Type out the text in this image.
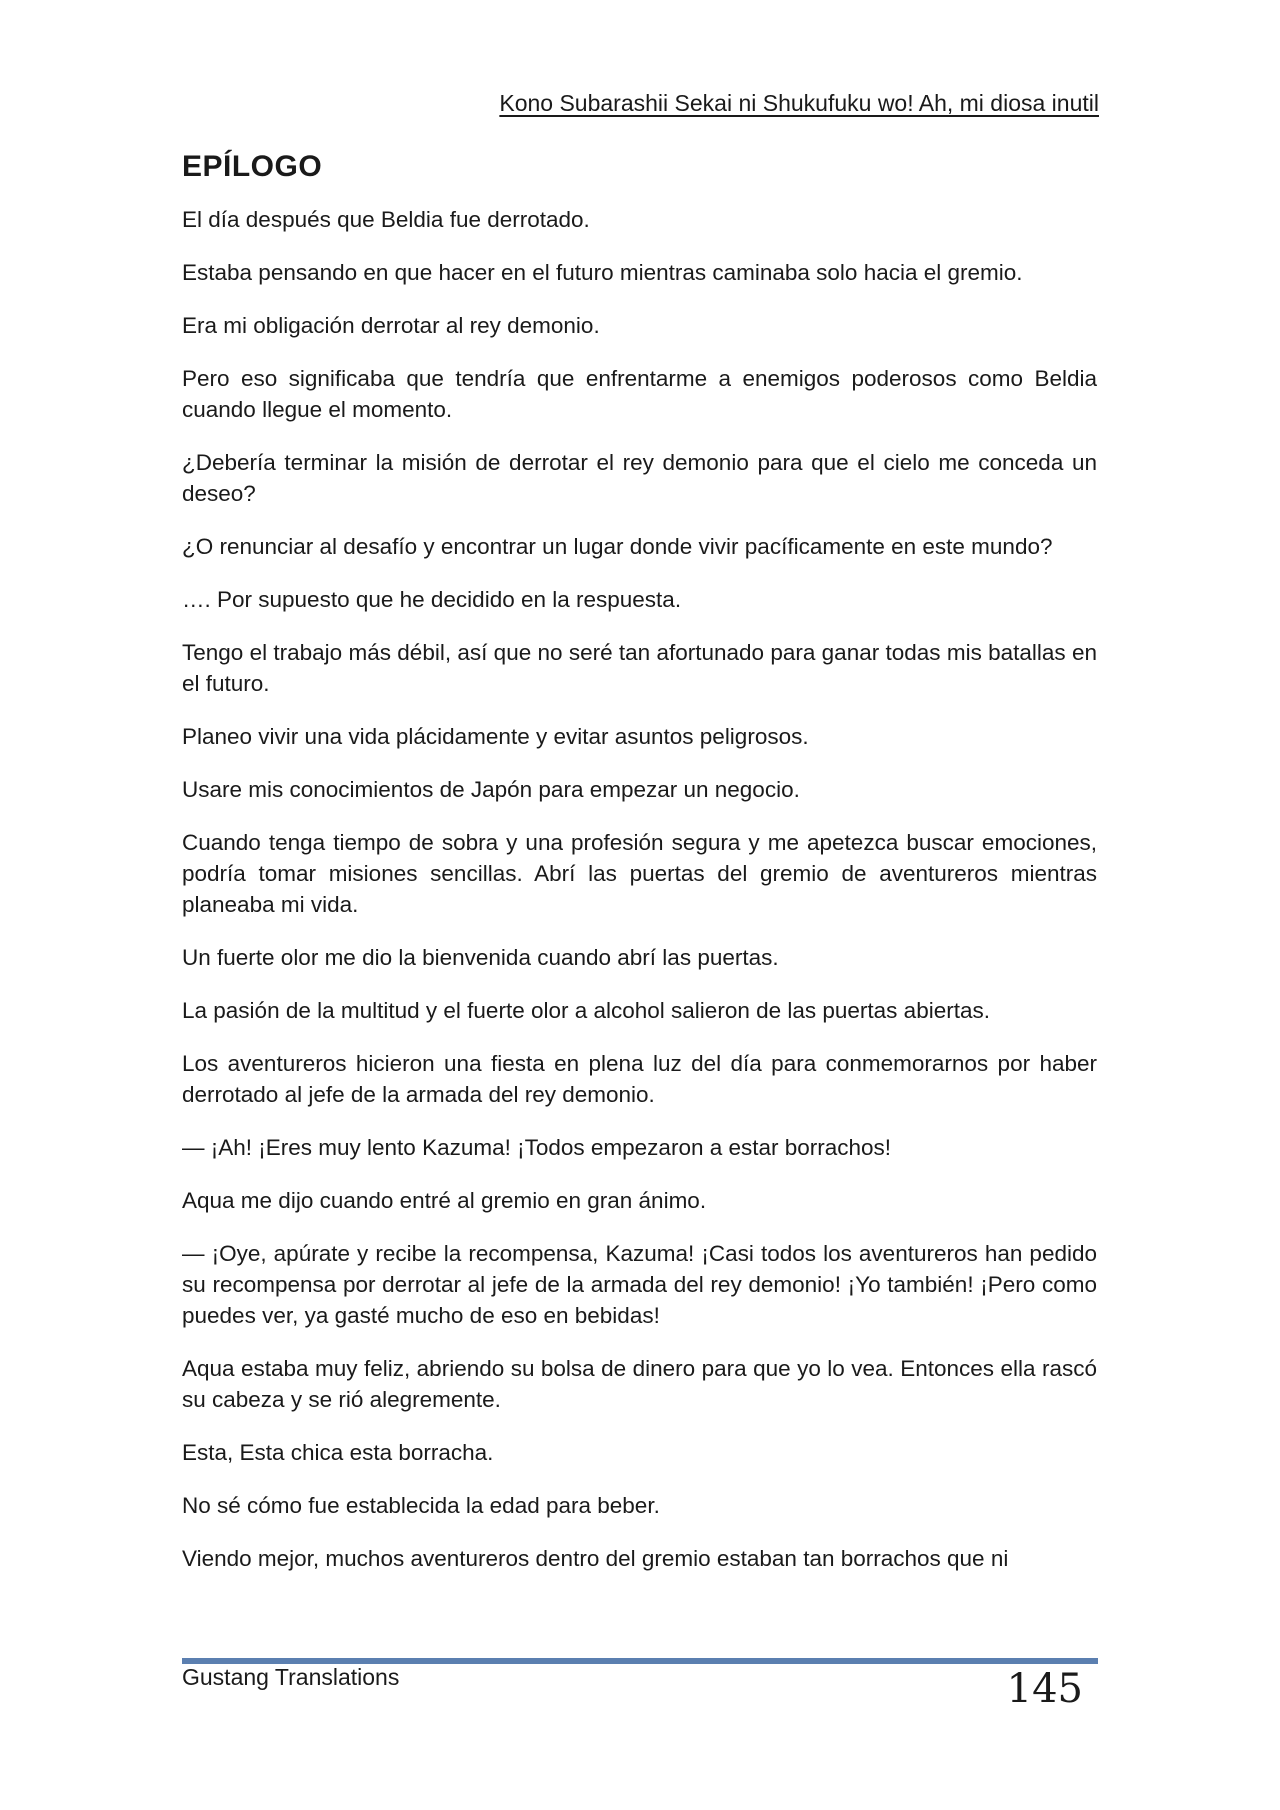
Kono Subarashii Sekai ni Shukufuku wo! Ah, mi diosa inutil
EPÍLOGO

El día después que Beldia fue derrotado.

Estaba pensando en que hacer en el futuro mientras caminaba solo hacia el gremio.

Era mi obligación derrotar al rey demonio.

Pero eso significaba que tendría que enfrentarme a enemigos poderosos como Beldia cuando llegue el momento.

¿Debería terminar la misión de derrotar el rey demonio para que el cielo me conceda un deseo?

¿O renunciar al desafío y encontrar un lugar donde vivir pacíficamente en este mundo?

…. Por supuesto que he decidido en la respuesta.

Tengo el trabajo más débil, así que no seré tan afortunado para ganar todas mis batallas en el futuro.

Planeo vivir una vida plácidamente y evitar asuntos peligrosos.

Usare mis conocimientos de Japón para empezar un negocio.

Cuando tenga tiempo de sobra y una profesión segura y me apetezca buscar emociones, podría tomar misiones sencillas. Abrí las puertas del gremio de aventureros mientras planeaba mi vida.

Un fuerte olor me dio la bienvenida cuando abrí las puertas.

La pasión de la multitud y el fuerte olor a alcohol salieron de las puertas abiertas.

Los aventureros hicieron una fiesta en plena luz del día para conmemorarnos por haber derrotado al jefe de la armada del rey demonio.

— ¡Ah! ¡Eres muy lento Kazuma! ¡Todos empezaron a estar borrachos!

Aqua me dijo cuando entré al gremio en gran ánimo.

— ¡Oye, apúrate y recibe la recompensa, Kazuma! ¡Casi todos los aventureros han pedido su recompensa por derrotar al jefe de la armada del rey demonio! ¡Yo también! ¡Pero como puedes ver, ya gasté mucho de eso en bebidas!

Aqua estaba muy feliz, abriendo su bolsa de dinero para que yo lo vea. Entonces ella rascó su cabeza y se rió alegremente.

Esta, Esta chica esta borracha.

No sé cómo fue establecida la edad para beber.

Viendo mejor, muchos aventureros dentro del gremio estaban tan borrachos que ni

Gustang Translations	145
